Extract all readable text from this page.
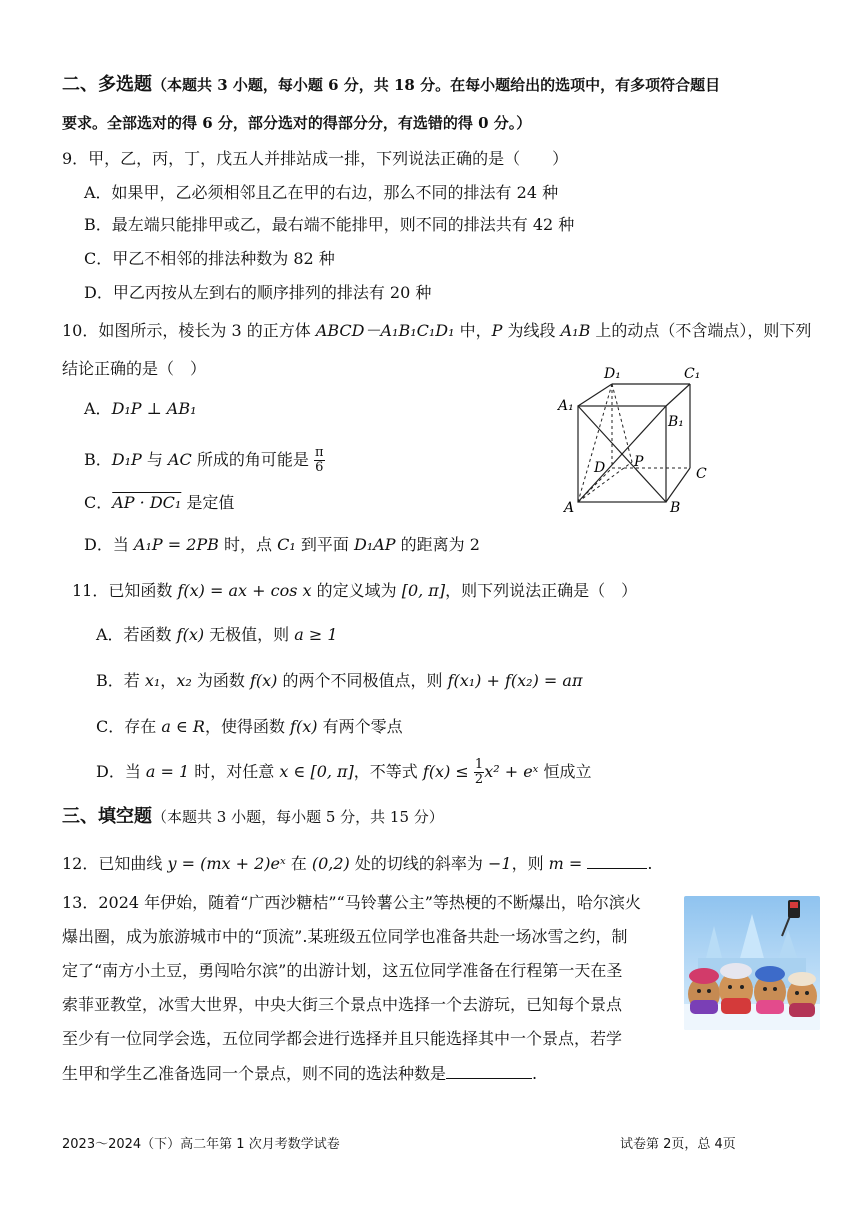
二、多选题（本题共 3 小题，每小题 6 分，共 18 分。在每小题给出的选项中，有多项符合题目
要求。全部选对的得 6 分，部分选对的得部分分，有选错的得 0 分。）
9．甲，乙，丙，丁，戊五人并排站成一排，下列说法正确的是（　　）
A．如果甲，乙必须相邻且乙在甲的右边，那么不同的排法有 24 种
B．最左端只能排甲或乙，最右端不能排甲，则不同的排法共有 42 种
C．甲乙不相邻的排法种数为 82 种
D．甲乙丙按从左到右的顺序排列的排法有 20 种
10．如图所示，棱长为 3 的正方体 ABCD－A₁B₁C₁D₁ 中，P 为线段 A₁B 上的动点（不含端点），则下列
结论正确的是（　）
A．D₁P ⊥ AB₁
B．D₁P 与 AC 所成的角可能是 $\frac{\pi}{6}$
C．AP · DC₁ 是定值
D．当 A₁P = 2PB 时，点 C₁ 到平面 D₁AP 的距离为 2
D₁	C₁
A₁
B₁
D P
C
A	B
11．已知函数 f(x) = ax + cos x 的定义域为 [0, π]，则下列说法正确是（　）
A．若函数 f(x) 无极值，则 a ≥ 1
B．若 x₁，x₂ 为函数 f(x) 的两个不同极值点，则 f(x₁) + f(x₂) = aπ
C．存在 a ∈ R，使得函数 f(x) 有两个零点
D．当 a = 1 时，对任意 x ∈ [0, π]，不等式 $f(x) \le \frac{1}{2} x^2$ + eˣ 恒成立
三、填空题（本题共 3 小题，每小题 5 分，共 15 分）
12．已知曲线 y = (mx + 2)eˣ 在 (0,2) 处的切线的斜率为 −1，则 m =	.
13．2024 年伊始，随着“广西沙糖桔”“马铃薯公主”等热梗的不断爆出，哈尔滨火
爆出圈，成为旅游城市中的“顶流”.某班级五位同学也准备共赴一场冰雪之约，制
定了“南方小土豆，勇闯哈尔滨”的出游计划，这五位同学准备在行程第一天在圣
索菲亚教堂，冰雪大世界，中央大街三个景点中选择一个去游玩，已知每个景点
至少有一位同学会选，五位同学都会进行选择并且只能选择其中一个景点，若学
生甲和学生乙准备选同一个景点，则不同的选法种数是	.
2023～2024（下）高二年第 1 次月考数学试卷	试卷第 2页，总 4页
